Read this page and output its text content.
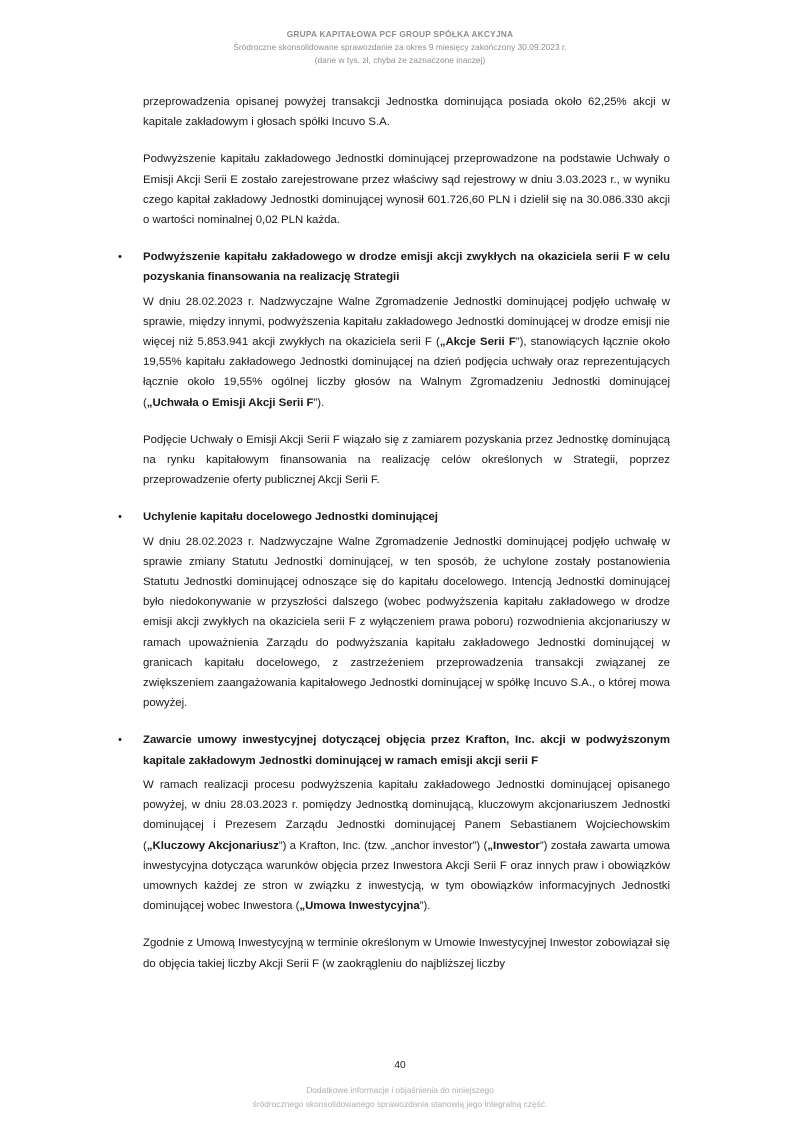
GRUPA KAPITAŁOWA PCF GROUP SPÓŁKA AKCYJNA
Śródroczne skonsolidowane sprawozdanie za okres 9 miesięcy zakończony 30.09.2023 r.
(dane w tys. zł, chyba że zaznaczone inaczej)

przeprowadzenia opisanej powyżej transakcji Jednostka dominująca posiada około 62,25% akcji w kapitale zakładowym i głosach spółki Incuvo S.A.

Podwyższenie kapitału zakładowego Jednostki dominującej przeprowadzone na podstawie Uchwały o Emisji Akcji Serii E zostało zarejestrowane przez właściwy sąd rejestrowy w dniu 3.03.2023 r., w wyniku czego kapitał zakładowy Jednostki dominującej wynosił 601.726,60 PLN i dzielił się na 30.086.330 akcji o wartości nominalnej 0,02 PLN każda.

•	Podwyższenie kapitału zakładowego w drodze emisji akcji zwykłych na okaziciela serii F w celu pozyskania finansowania na realizację Strategii

W dniu 28.02.2023 r. Nadzwyczajne Walne Zgromadzenie Jednostki dominującej podjęło uchwałę w sprawie, między innymi, podwyższenia kapitału zakładowego Jednostki dominującej w drodze emisji nie więcej niż 5.853.941 akcji zwykłych na okaziciela serii F („Akcje Serii F”), stanowiących łącznie około 19,55% kapitału zakładowego Jednostki dominującej na dzień podjęcia uchwały oraz reprezentujących łącznie około 19,55% ogólnej liczby głosów na Walnym Zgromadzeniu Jednostki dominującej („Uchwała o Emisji Akcji Serii F”).

Podjęcie Uchwały o Emisji Akcji Serii F wiązało się z zamiarem pozyskania przez Jednostkę dominującą na rynku kapitałowym finansowania na realizację celów określonych w Strategii, poprzez przeprowadzenie oferty publicznej Akcji Serii F.

•	Uchylenie kapitału docelowego Jednostki dominującej

W dniu 28.02.2023 r. Nadzwyczajne Walne Zgromadzenie Jednostki dominującej podjęło uchwałę w sprawie zmiany Statutu Jednostki dominującej, w ten sposób, że uchylone zostały postanowienia Statutu Jednostki dominującej odnoszące się do kapitału docelowego. Intencją Jednostki dominującej było niedokonywanie w przyszłości dalszego (wobec podwyższenia kapitału zakładowego w drodze emisji akcji zwykłych na okaziciela serii F z wyłączeniem prawa poboru) rozwodnienia akcjonariuszy w ramach upoważnienia Zarządu do podwyższania kapitału zakładowego Jednostki dominującej w granicach kapitału docelowego, z zastrzeżeniem przeprowadzenia transakcji związanej ze zwiększeniem zaangażowania kapitałowego Jednostki dominującej w spółkę Incuvo S.A., o której mowa powyżej.

•	Zawarcie umowy inwestycyjnej dotyczącej objęcia przez Krafton, Inc. akcji w podwyższonym kapitale zakładowym Jednostki dominującej w ramach emisji akcji serii F

W ramach realizacji procesu podwyższenia kapitału zakładowego Jednostki dominującej opisanego powyżej, w dniu 28.03.2023 r. pomiędzy Jednostką dominującą, kluczowym akcjonariuszem Jednostki dominującej i Prezesem Zarządu Jednostki dominującej Panem Sebastianem Wojciechowskim („Kluczowy Akcjonariusz”) a Krafton, Inc. (tzw. „anchor investor”) („Inwestor”) została zawarta umowa inwestycyjna dotycząca warunków objęcia przez Inwestora Akcji Serii F oraz innych praw i obowiązków umownych każdej ze stron w związku z inwestycją, w tym obowiązków informacyjnych Jednostki dominującej wobec Inwestora („Umowa Inwestycyjna”).

Zgodnie z Umową Inwestycyjną w terminie określonym w Umowie Inwestycyjnej Inwestor zobowiązał się do objęcia takiej liczby Akcji Serii F (w zaokrągleniu do najbliższej liczby

40
Dodatkowe informacje i objaśnienia do niniejszego
śródrocznego skonsolidowanego sprawozdania stanowią jego integralną część.
